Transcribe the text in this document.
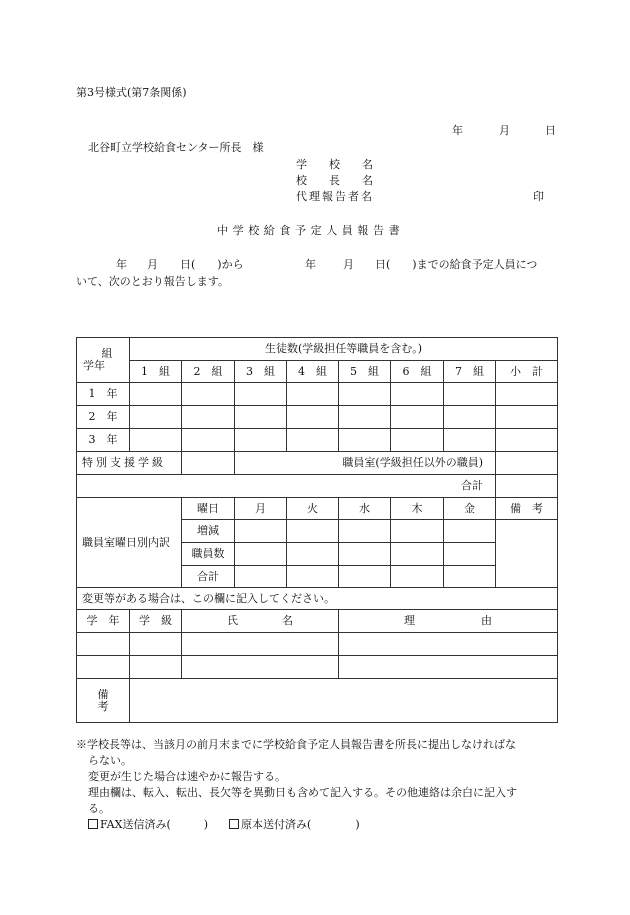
第3号様式(第7条関係)
年	月	日
北谷町立学校給食センター所長　様
学　　校　　名
校　　長　　名
代理報告者名	印
中学校給食予定人員報告書
年 月 日(　　)から	年 月 日(　　)までの給食予定人員につ
いて、次のとおり報告します。
組
学年	生徒数(学級担任等職員を含む。)							
	1　組	2　組	3　組	4　組	5　組	6　組	7　組	小　計
1　年								
2　年								
3　年								
特別支援学級			職員室(学級担任以外の職員)					
合計								
職員室曜日別内訳		曜日	月	火	水	木	金	備　考
		増減						
		職員数						
		合計						
変更等がある場合は、この欄に記入してください。								
学　年	学　級	氏　　　　名			理　　　　　　由			

備
考								

※学校長等は、当該月の前月末までに学校給食予定人員報告書を所長に提出しなければな

らない。

変更が生じた場合は速やかに報告する。

理由欄は、転入、転出、長欠等を異動日も含めて記入する。その他連絡は余白に記入す

る。

FAX送信済み(　　　)	原本送付済み(　　　　)
